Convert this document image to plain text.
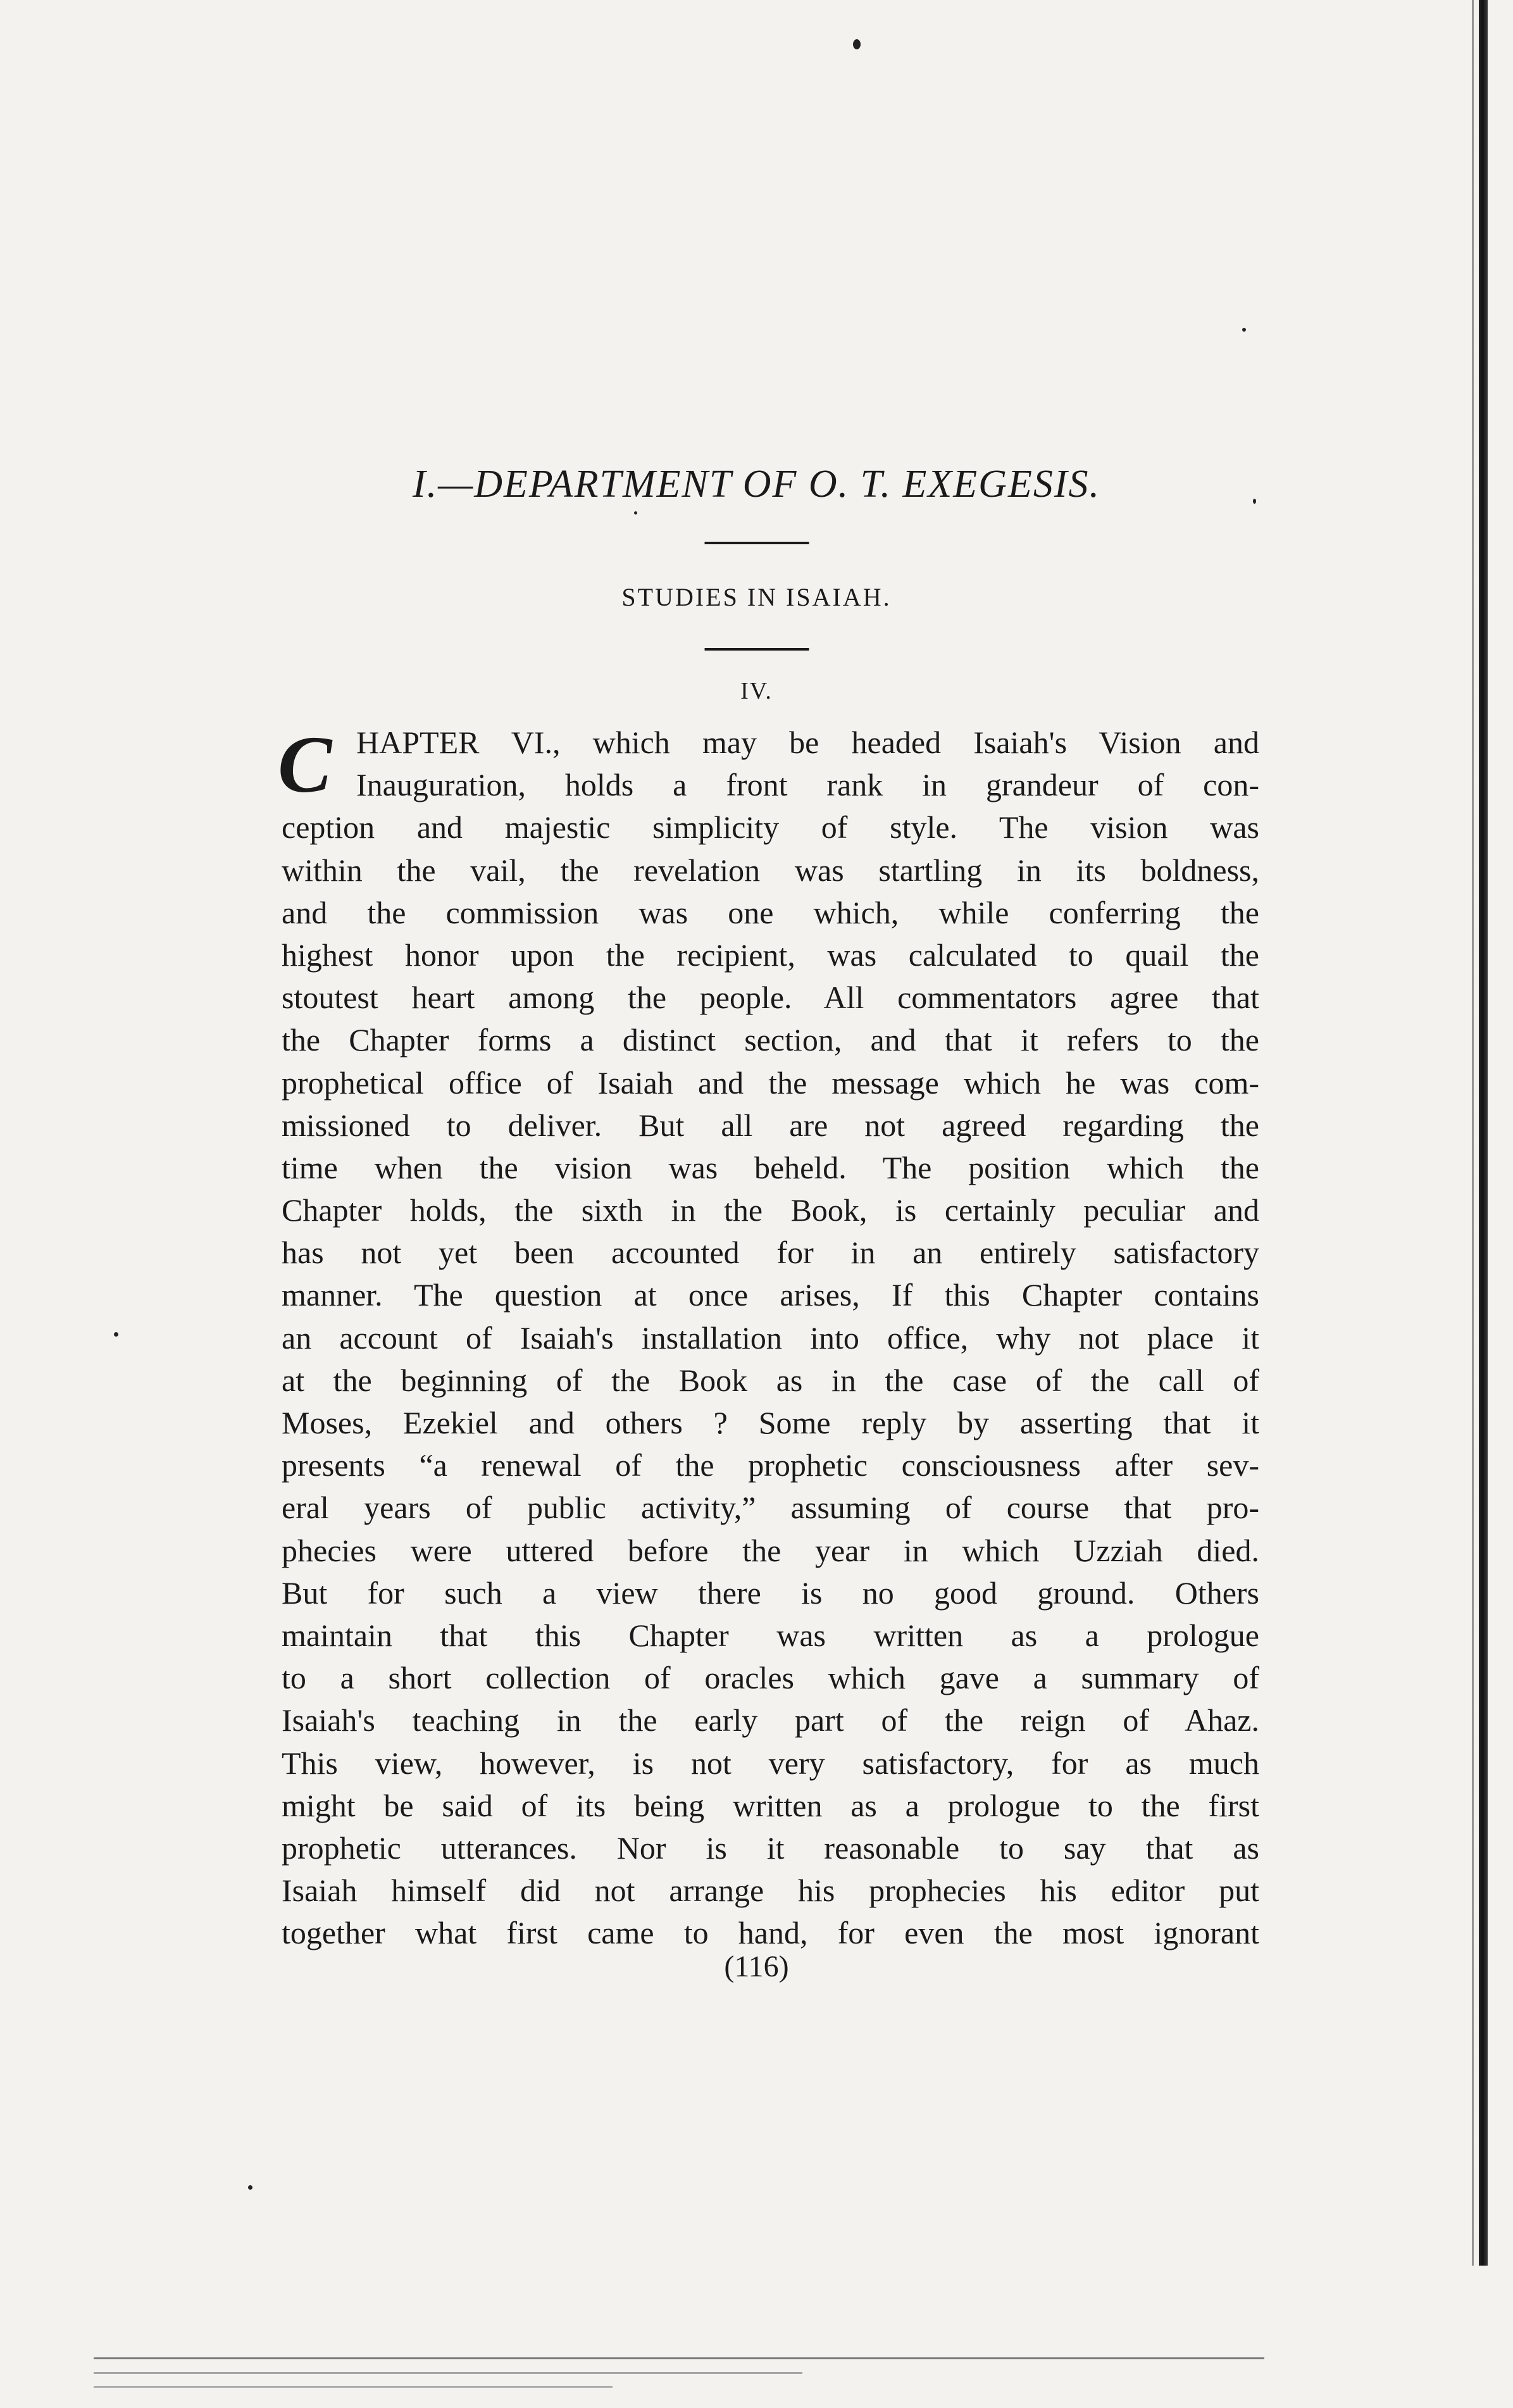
I.—DEPARTMENT OF O. T. EXEGESIS.
STUDIES IN ISAIAH.
IV.
C HAPTER VI., which may be headed Isaiah's Vision and
Inauguration, holds a front rank in grandeur of con-
ception and majestic simplicity of style. The vision was
within the vail, the revelation was startling in its boldness,
and the commission was one which, while conferring the
highest honor upon the recipient, was calculated to quail the
stoutest heart among the people. All commentators agree that
the Chapter forms a distinct section, and that it refers to the
prophetical office of Isaiah and the message which he was com-
missioned to deliver. But all are not agreed regarding the
time when the vision was beheld. The position which the
Chapter holds, the sixth in the Book, is certainly peculiar and
has not yet been accounted for in an entirely satisfactory
manner. The question at once arises, If this Chapter contains
an account of Isaiah's installation into office, why not place it
at the beginning of the Book as in the case of the call of
Moses, Ezekiel and others ? Some reply by asserting that it
presents “a renewal of the prophetic consciousness after sev-
eral years of public activity,” assuming of course that pro-
phecies were uttered before the year in which Uzziah died.
But for such a view there is no good ground. Others
maintain that this Chapter was written as a prologue
to a short collection of oracles which gave a summary of
Isaiah's teaching in the early part of the reign of Ahaz.
This view, however, is not very satisfactory, for as much
might be said of its being written as a prologue to the first
prophetic utterances. Nor is it reasonable to say that as
Isaiah himself did not arrange his prophecies his editor put
together what first came to hand, for even the most ignorant
(116)
